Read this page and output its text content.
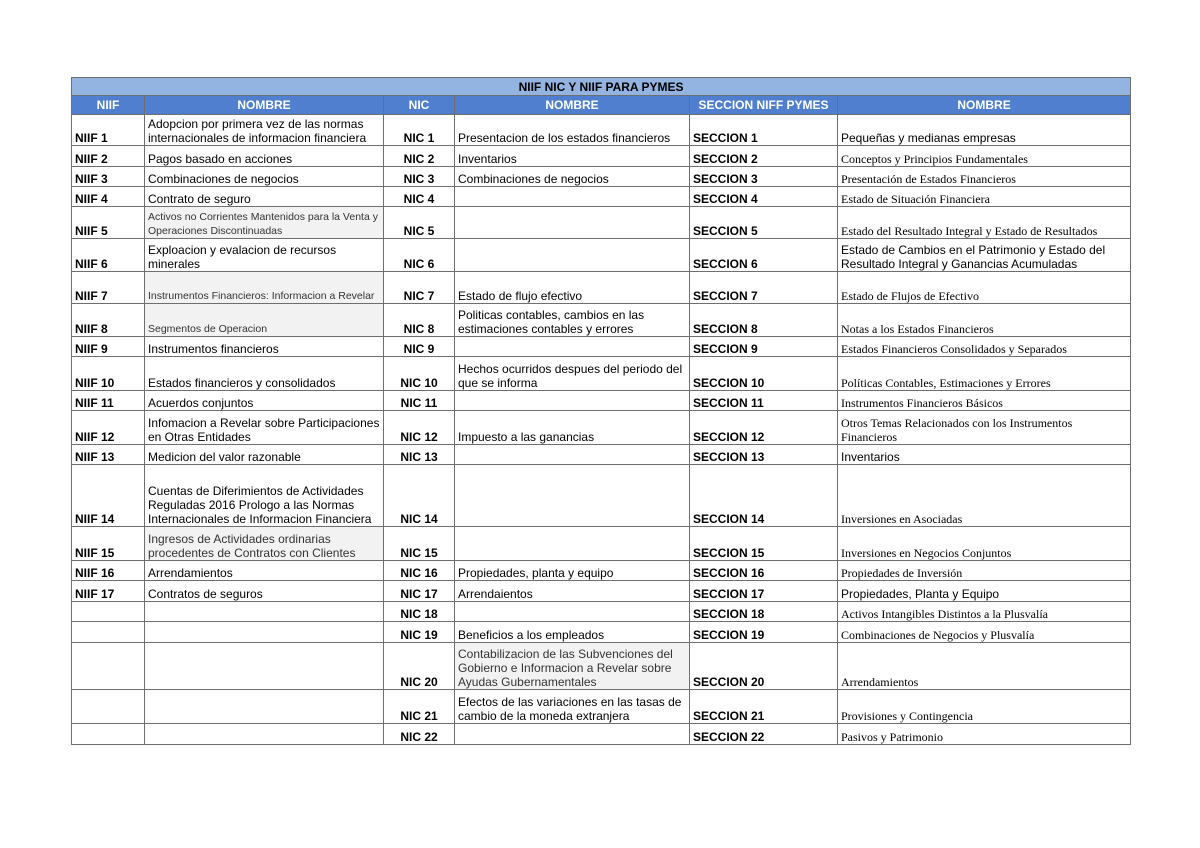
NIIF NIC Y NIIF PARA PYMES					
NIIF	NOMBRE	NIC	NOMBRE	SECCION NIFF PYMES	NOMBRE
NIIF 1	Adopcion por primera vez de las normas internacionales de informacion financiera	NIC 1	Presentacion de los estados financieros	SECCION 1	Pequeñas y medianas empresas
NIIF 2	Pagos basado en acciones	NIC 2	Inventarios	SECCION 2	Conceptos y Principios Fundamentales
NIIF 3	Combinaciones de negocios	NIC 3	Combinaciones de negocios	SECCION 3	Presentación de Estados Financieros
NIIF 4	Contrato de seguro	NIC 4		SECCION 4	Estado de Situación Financiera
NIIF 5	Activos no Corrientes Mantenidos para la Venta y Operaciones Discontinuadas	NIC 5		SECCION 5	Estado del Resultado Integral y Estado de Resultados
NIIF 6	Exploacion y evalacion de recursos minerales	NIC 6		SECCION 6	Estado de Cambios en el Patrimonio y Estado del Resultado Integral y Ganancias Acumuladas
NIIF 7	Instrumentos Financieros: Informacion a Revelar	NIC 7	Estado de flujo efectivo	SECCION 7	Estado de Flujos de Efectivo
NIIF 8	Segmentos de Operacion	NIC 8	Politicas contables, cambios en las estimaciones contables y errores	SECCION 8	Notas a los Estados Financieros
NIIF 9	Instrumentos financieros	NIC 9		SECCION 9	Estados Financieros Consolidados y Separados
NIIF 10	Estados financieros y consolidados	NIC 10	Hechos ocurridos despues del periodo del que se informa	SECCION 10	Políticas Contables, Estimaciones y Errores
NIIF 11	Acuerdos conjuntos	NIC 11		SECCION 11	Instrumentos Financieros Básicos
NIIF 12	Infomacion a Revelar sobre Participaciones en Otras Entidades	NIC 12	Impuesto a las ganancias	SECCION 12	Otros Temas Relacionados con los Instrumentos Financieros
NIIF 13	Medicion del valor razonable	NIC 13		SECCION 13	Inventarios
NIIF 14	Cuentas de Diferimientos de Actividades Reguladas 2016 Prologo a las Normas Internacionales de Informacion Financiera	NIC 14		SECCION 14	Inversiones en Asociadas
NIIF 15	Ingresos de Actividades ordinarias procedentes de Contratos con Clientes	NIC 15		SECCION 15	Inversiones en Negocios Conjuntos
NIIF 16	Arrendamientos	NIC 16	Propiedades, planta y equipo	SECCION 16	Propiedades de Inversión
NIIF 17	Contratos de seguros	NIC 17	Arrendaientos	SECCION 17	Propiedades, Planta y Equipo
		NIC 18		SECCION 18	Activos Intangibles Distintos a la Plusvalía
		NIC 19	Beneficios a los empleados	SECCION 19	Combinaciones de Negocios y Plusvalía
		NIC 20	Contabilizacion de las Subvenciones del Gobierno e Informacion a Revelar sobre Ayudas Gubernamentales	SECCION 20	Arrendamientos
		NIC 21	Efectos de las variaciones en las tasas de cambio de la moneda extranjera	SECCION 21	Provisiones y Contingencia
		NIC 22		SECCION 22	Pasivos y Patrimonio
